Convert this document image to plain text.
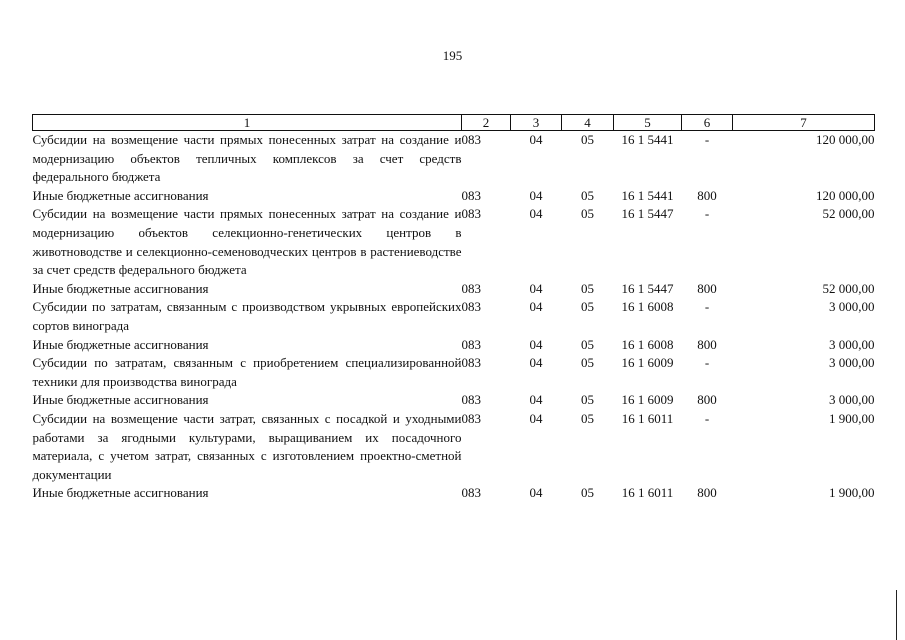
195
1	2	3	4	5	6	7
Субсидии на возмещение части прямых понесенных затрат на создание и модернизацию объектов тепличных комплексов за счет средств федерального бюджета	083	04	05	16 1 5441	-	120 000,00
Иные бюджетные ассигнования	083	04	05	16 1 5441	800	120 000,00
Субсидии на возмещение части прямых понесенных затрат на создание и модернизацию объектов селекционно-генетических центров в животноводстве и селекционно-семеноводческих центров в растениеводстве за счет средств федерального бюджета	083	04	05	16 1 5447	-	52 000,00
Иные бюджетные ассигнования	083	04	05	16 1 5447	800	52 000,00
Субсидии по затратам, связанным с производством укрывных европейских сортов винограда	083	04	05	16 1 6008	-	3 000,00
Иные бюджетные ассигнования	083	04	05	16 1 6008	800	3 000,00
Субсидии по затратам, связанным с приобретением специализированной техники для производства винограда	083	04	05	16 1 6009	-	3 000,00
Иные бюджетные ассигнования	083	04	05	16 1 6009	800	3 000,00
Субсидии на возмещение части затрат, связанных с посадкой и уходными работами за ягодными культурами, выращиванием их посадочного материала, с учетом затрат, связанных с изготовлением проектно-сметной документации	083	04	05	16 1 6011	-	1 900,00
Иные бюджетные ассигнования	083	04	05	16 1 6011	800	1 900,00
